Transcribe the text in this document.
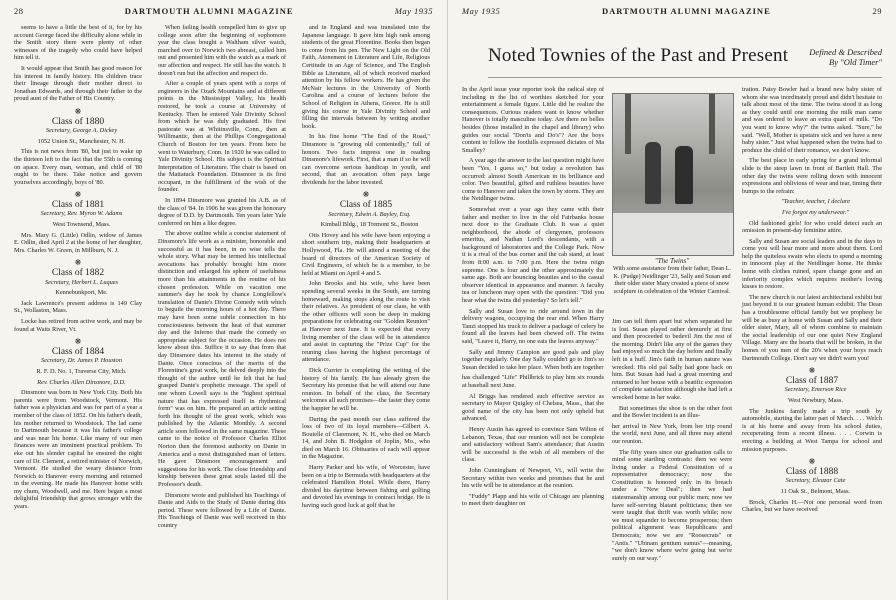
28	DARTMOUTH ALUMNI MAGAZINE	May 1935

seems to have a little the best of it, for by his account George faced the difficulty alone while in the Smith story there were plenty of other witnesses of the tragedy who could have helped him tell it.

It would appear that Smith has good reason for his interest in family history. His children trace their lineage through their mother direct to Jonathan Edwards, and through their father to the proud aunt of the Father of His Country.

❋
Class of 1880

Secretary, George A. Dickey

1052 Union St., Manchester, N. H.

This is not news from '80, but just to wake up the thirteen left to the fact that the 55th is coming on apace. Every man, woman, and child of '80 ought to be there. Take notice and govern yourselves accordingly, boys of '80.

❋
Class of 1881

Secretary, Rev. Myron W. Adams

West Townsend, Mass.

Mrs. Mary G. (Little) Odlin, widow of James E. Odlin, died April 2 at the home of her daughter, Mrs. Charles W. Green, in Millburn, N. J.

❋
Class of 1882

Secretary, Herbert L. Luques

Kennebunkport, Me.

Jack Lawrence's present address is 149 Clay St., Wollaston, Mass.

Locke has retired from active work, and may be found at Waits River, Vt.

❋
Class of 1884

Secretary, Dr. James P. Houston

R. F. D. No. 1, Traverse City, Mich.

Rev. Charles Allen Dinsmore, D.D.

Dinsmore was born in New York City. Both his parents were from Woodstock, Vermont. His father was a physician and was for part of a year a member of the class of 1852. On his father's death, his mother returned to Woodstock. The lad came to Dartmouth because it was his father's college and was near his home. Like many of our men finances were an imminent practical problem. To eke out his slender capital he ensured the night care of Dr. Clement, a retired minister of Norwich, Vermont. He studied the weary distance from Norwich to Hanover every morning and returned in the evening. He made his Hanover home with my chum, Woodwell, and me. Here began a most delightful friendship that grows stronger with the years.

When failing health compelled him to give up college soon after the beginning of sophomore year the class bought a Waltham silver watch, marched over to Norwich two abreast, called him out and presented him with the watch as a mark of our affection and respect. He still has the watch. It doesn't run but the affection and respect do.

After a couple of years spent with a corps of engineers in the Ozark Mountains and at different points in the Mississippi Valley, his health restored, he took a course at University of Kentucky. Then he entered Yale Divinity School from which he was duly graduated. His first pastorate was at Whitinsville, Conn., then at Willimantic, then at the Phillips Congregational Church of Boston for ten years. From here he went to Waterbury, Conn. In 1920 he was called to Yale Divinity School. His subject is the Spiritual Interpretation of Literature. The chair is based on the Mattatuck Foundation. Dinsmore is its first occupant, in the fulfillment of the wish of the founder.

In 1894 Dinsmore was granted his A.B. as of the class of '84. In 1906 he was given the honorary degree of D.D. by Dartmouth. Ten years later Yale conferred on him a like degree.

The above outline while a concise statement of Dinsmore's life work as a minister, honorable and successful as it has been, in no wise tells the whole story. What may be termed his intellectual avocations has probably brought him more distinction and enlarged his sphere of usefulness more than his attainments in the routine of his chosen profession. While on vacation one summer's day he took by chance Longfellow's translation of Dante's Divine Comedy with which to beguile the morning hours of a hot day. There may have been some subtle connection in his consciousness between the heat of that summer day and the Inferno that made the comedy so appropriate subject for the occasion. He does not know about this. Suffice it to say that from that day Dinsmore dates his interest in the study of Dante. Once conscious of the merits of the Florentine's great work, he delved deeply into the thought of the author until he felt that he had grasped Dante's prophetic message. The spell of one whom Lowell says is the "highest spiritual nature that has expressed itself in rhythmical form" was on him. He prepared an article setting forth his thought of the great work, which was published by the Atlantic Monthly. A second article soon followed in the same magazine. These came to the notice of Professor Charles Elliot Norton then the foremost authority on Dante in America and a most distinguished man of letters. He gave Dinsmore encouragement and suggestions for his work. The close friendship and kinship between these great souls lasted till the Professor's death.

Dinsmore wrote and published his Teachings of Dante and Aids to the Study of Dante during this period. These were followed by a Life of Dante. His Teachings of Dante was well received in this country

and in England and was translated into the Japanese language. It gave him high rank among students of the great Florentine. Books then began to come from his pen. The New Light on the Old Faith, Atonement in Literature and Life, Religious Certitude in an Age of Science, and The English Bible as Literature, all of which received marked attention by his fellow workers. He has given the McNair lectures in the University of North Carolina and a course of lectures before the School of Religion in Athens, Greece. He is still giving his course in Yale Divinity School and filling the intervals between by writing another book.

In his fine home "The End of the Road," Dinsmore is "growing old contentedly," full of honors. Two facts impress one in reading Dinsmore's lifework. First, that a man if so he will can overcome serious handicap in youth, and second, that an avocation often pays large dividends for the labor invested.

❋
Class of 1885

Secretary, Edwin A. Bayley, Esq.

Kimball Bldg., 18 Tremont St., Boston

Otis Hovey and his wife have been enjoying a short southern trip, making their headquarters at Hollywood, Fla. He will attend a meeting of the board of directors of the American Society of Civil Engineers, of which he is a member, to be held at Miami on April 4 and 5.

John Brooks and his wife, who have been spending several weeks in the South, are turning homeward, making stops along the route to visit their relatives. As president of our class, he with the other officers will soon be deep in making preparations for celebrating our "Golden Reunion" at Hanover next June. It is expected that every living member of the class will be in attendance and assist in capturing the "Prize Cup" for the reuning class having the highest percentage of attendance.

Dick Currier is completing the writing of the history of his family. He has already given the Secretary his promise that he will attend our June reunion. In behalf of the class, the Secretary welcomes all such promises—the faster they come the happier he will be.

During the past month our class suffered the loss of two of its loyal members—Gilbert A. Boutelle of Claremont, N. H., who died on March 14, and John B. Hodgdon of Joplin, Mo., who died on March 16. Obituaries of each will appear in the Magazine.

Harry Parker and his wife, of Worcester, have been on a trip to Bermuda with headquarters at the celebrated Hamilton Hotel. While there, Harry divided his daytime between fishing and golfing and devoted his evenings to contract bridge. He is having such good luck at golf that he

May 1935	DARTMOUTH ALUMNI MAGAZINE	29
Noted Townies of the Past and Present Defined & Described
By "Old Timer"

In the April issue your reporter took the radical step of including in the list of worthies sketched for your entertainment a female figure. Little did he realize the consequences. Curious readers want to know whether Hanover is totally masculine today. Are there no belles besides (those installed in the chapel and library) who guides our social "Don'ts and Do's"? Are the boys content to follow the foothills expressed dictates of Ma Smalley?

A year ago the answer to the last question might have been "Yes, I guess so," but today a revolution has occurred: almost South American in its brilliance and color. Two beautiful, gifted and ruthless beauties have come to Hanover and taken the town by storm. They are the Neidlinger twins.

Somewhat over a year ago they came with their father and mother to live in the old Fairbanks house next door to the Graduate Club. It was a quiet neighborhood, the abode of clergymen, professors emeritus, and Nathan Lord's descendants, with a background of laboratories and the College Park. Now it is a rival of the bus corner and the cab stand, at least from 8:00 a.m. to 7:00 p.m. Here the twins reign supreme. One is four and the other approximately the same age. Both are bouncing beauties and to the casual observer identical in appearance and manner. A faculty tea or luncheon may open with the question: "Did you hear what the twins did yesterday? So let's tell."

Sally and Susan love to ride around town in the delivery wagons, occupying the rear end. When Harry Tanzi stopped his truck to deliver a package of celery he found all the leaves had been chewed off. The twins said, "Leave it, Harry, no one eats the leaves anyway."

Sally and Jimmy Campion are good pals and play together regularly. One day Sally couldn't go to Jim's so Susan decided to take her place. When both are together

has challenged "Life" Phillbrick to play him six rounds at baseball next June.

Al Briggs has rendered such effective service as secretary to Mayor Quigley of Chelsea, Mass., that the good name of the city has been not only upheld but advanced.

Henry Austin has agreed to convince Sam Wilton of Lebanon, Texas, that our reunion will not be complete and satisfactory without Sam's attendance; that Austin will be successful is the wish of all members of the class.

John Cunningham of Newport, Vt., will write the Secretary within two weeks and promises that he and his wife will be in attendance at the reunion.

"Fuddy" Plapp and his wife of Chicago are planning to meet their daughter on

"The Twins"
With some assistance from their father, Dean L. K. (Pudge) Neidlinger '23, Sally and Susan and their older sister Mary created a piece of snow sculpture in celebration of the Winter Carnival.

Jim can tell them apart but when separated he is lost. Susan played rather demurely at first and then proceeded to bedevil Jim the rest of the morning. Didn't like any of the games they had enjoyed so much the day before and finally left in a huff. Jim's faith in human nature was wrecked. His old pal Sally had gone back on him. But Susan had had a great morning and returned to her house with a beatific expression of complete satisfaction although she had left a wrecked home in her wake.

But sometimes the shoe is on the other foot and the Bowler incident is an illus-

her arrival in New York, from her trip round the world, next June, and all three may attend our reunion.

The fifty years since our graduation calls to mind some startling contrasts: then we were living under a Federal Constitution of a representative democracy; now the Constitution is honored only in its breach under a "New Deal"; then we had statesmanship among our public men; now we have self-serving blatant politicians; then we were taught that thrift was worth while; now we must squander to become prosperous; then political alignment was Republicans and Democrats; now we are "Roosecrats" or "Antis." "Ubinam gentium sumus"—meaning, "we don't know where we're going but we're surely on our way."

tration. Patsy Bowler had a brand new baby sister of whom she was inordinately proud and didn't hesitate to talk about most of the time. The twins stood it as long as they could until one morning the milk man came and was ordered to leave an extra quart of milk. "Do you want to know why?" the twins asked. "Sure," he said. "Well, Mother is upstairs sick and we have a new baby sister." Just what happened when the twins had to produce the child of their romance, we don't know.

The best place in early spring for a grand informal slide is the steep lawn in front of Bartlett Hall. The other day the twins were rolling down with innocent expressions and oblivious of wear and tear, timing their bumps to the refrain:

"Teacher, teacher, I declare

I've forgot my underwear."

Old fashioned girls! for who could detect such an omission in present-day feminine attire.

Sally and Susan are social leaders and in the days to come you will hear more and more about them. Lord help the quiteless swain who elects to spend a morning in innocent play at the Neidlinger home. He thinks home with clothes ruined, spare change gone and an inferiority complex which requires mother's loving kisses to restore.

The new church is our latest architectural exhibit but just beyond it is our greatest human exhibit. The Dean has a troublesome official family but we prophesy he will be as busy at home with Susan and Sally and their older sister, Mary, all of whom combine to maintain the social leadership of our one quiet New England Village. Many are the hearts that will be broken, in the homes of you men of the 20's when your boys reach Dartmouth College. Don't say we didn't warn you!

❋
Class of 1887

Secretary, Emerson Rice

West Newbury, Mass.

The Junkins family made a trip south by automobile, starting the latter part of March. . . . Welch is at his home and away from his school duties, recuperating from a recent illness. . . . Corwin is erecting a building at West Tampa for school and mission purposes.

❋
Class of 1888

Secretary, Eleazar Cate

11 Oak St., Belmont, Mass.

Brock, Charles H.—Not one personal word from Charles, but we have received
